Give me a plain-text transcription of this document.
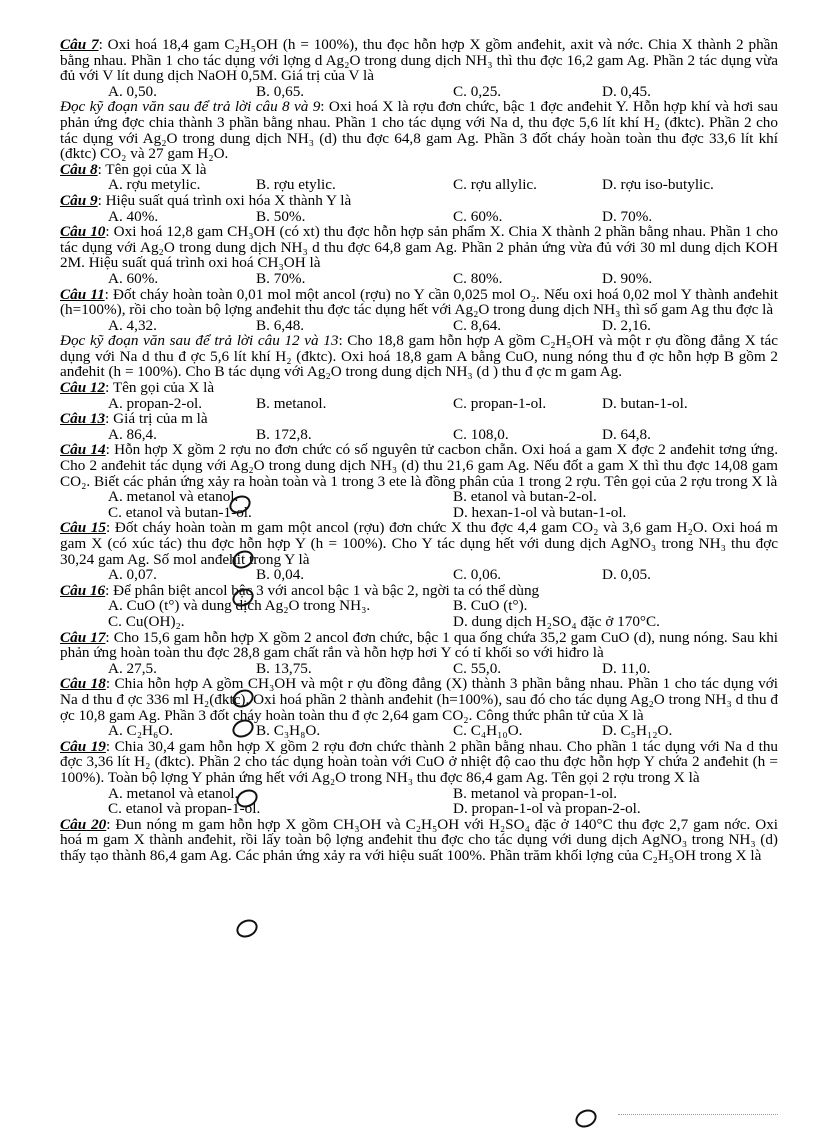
Câu 7: Oxi hoá 18,4 gam C₂H₅OH (h = 100%), thu đọc hỗn hợp X gồm anđehit, axit và nớc. Chia X thành 2 phần bằng nhau. Phần 1 cho tác dụng với lợng d Ag₂O trong dung dịch NH₃ thì thu đợc 16,2 gam Ag. Phần 2 tác dụng vừa đủ với V lít dung dịch NaOH 0,5M. Giá trị của V là
A. 0,50.	B. 0,65.	C. 0,25.	D. 0,45.
Đọc kỹ đoạn văn sau để trả lời câu 8 và 9: Oxi hoá X là rợu đơn chức, bậc 1 đợc anđehit Y. Hỗn hợp khí và hơi sau phản ứng đợc chia thành 3 phần bằng nhau. Phần 1 cho tác dụng với Na d, thu đợc 5,6 lít khí H₂ (đktc). Phần 2 cho tác dụng với Ag₂O trong dung dịch NH₃ (d) thu đợc 64,8 gam Ag. Phần 3 đốt cháy hoàn toàn thu đợc 33,6 lít khí (đktc) CO₂ và 27 gam H₂O.
Câu 8: Tên gọi của X là
A. rợu metylic.	B. rợu etylic.	C. rợu allylic.	D. rợu iso-butylic.
Câu 9: Hiệu suất quá trình oxi hóa X thành Y là
A. 40%.	B. 50%.	C. 60%.	D. 70%.
Câu 10: Oxi hoá 12,8 gam CH₃OH (có xt) thu đợc hỗn hợp sản phẩm X. Chia X thành 2 phần bằng nhau. Phần 1 cho tác dụng với Ag₂O trong dung dịch NH₃ d thu đợc 64,8 gam Ag. Phần 2 phản ứng vừa đủ với 30 ml dung dịch KOH 2M. Hiệu suất quá trình oxi hoá CH₃OH là
A. 60%.	B. 70%.	C. 80%.	D. 90%.
Câu 11: Đốt cháy hoàn toàn 0,01 mol một ancol (rợu) no Y cần 0,025 mol O₂. Nếu oxi hoá 0,02 mol Y thành anđehit (h=100%), rồi cho toàn bộ lợng anđehit thu đợc tác dụng hết với Ag₂O trong dung dịch NH₃ thì số gam Ag thu đợc là
A. 4,32.	B. 6,48.	C. 8,64.	D. 2,16.
Đọc kỹ đoạn văn sau để trả lời câu 12 và 13: Cho 18,8 gam hỗn hợp A gồm C₂H₅OH và một r ợu đồng đẳng X tác dụng với Na d thu đ ợc 5,6 lít khí H₂ (đktc). Oxi hoá 18,8 gam A bằng CuO, nung nóng thu đ ợc hỗn hợp B gồm 2 anđehit (h = 100%). Cho B tác dụng với Ag₂O trong dung dịch NH₃ (d ) thu đ ợc m gam Ag.
Câu 12: Tên gọi của X là
A. propan-2-ol.	B. metanol.	C. propan-1-ol.	D. butan-1-ol.
Câu 13: Giá trị của m là
A. 86,4.	B. 172,8.	C. 108,0.	D. 64,8.
Câu 14: Hỗn hợp X gồm 2 rợu no đơn chức có số nguyên tử cacbon chẵn. Oxi hoá a gam X đợc 2 anđehit tơng ứng. Cho 2 anđehit tác dụng với Ag₂O trong dung dịch NH₃ (d) thu 21,6 gam Ag. Nếu đốt a gam X thì thu đợc 14,08 gam CO₂. Biết các phản ứng xảy ra hoàn toàn và 1 trong 3 ete là đồng phân của 1 trong 2 rợu. Tên gọi của 2 rợu trong X là
A. metanol và etanol.	B. etanol và butan-2-ol.
C. etanol và butan-1-ol.	D. hexan-1-ol và butan-1-ol.
Câu 15: Đốt cháy hoàn toàn m gam một ancol (rợu) đơn chức X thu đợc 4,4 gam CO₂ và 3,6 gam H₂O. Oxi hoá m gam X (có xúc tác) thu đợc hỗn hợp Y (h = 100%). Cho Y tác dụng hết với dung dịch AgNO₃ trong NH₃ thu đợc 30,24 gam Ag. Số mol anđehit trong Y là
A. 0,07.	B. 0,04.	C. 0,06.	D. 0,05.
Câu 16: Để phân biệt ancol bậc 3 với ancol bậc 1 và bậc 2, ngời ta có thể dùng
A. CuO (t°) và dung dịch Ag₂O trong NH₃.	B. CuO (t°).
C. Cu(OH)₂.	D. dung dịch H₂SO₄ đặc ở 170°C.
Câu 17: Cho 15,6 gam hỗn hợp X gồm 2 ancol đơn chức, bậc 1 qua ống chứa 35,2 gam CuO (d), nung nóng. Sau khi phản ứng hoàn toàn thu đợc 28,8 gam chất rắn và hỗn hợp hơi Y có tỉ khối so với hiđro là
A. 27,5.	B. 13,75.	C. 55,0.	D. 11,0.
Câu 18: Chia hỗn hợp A gồm CH₃OH và một r ợu đồng đẳng (X) thành 3 phần bằng nhau. Phần 1 cho tác dụng với Na d thu đ ợc 336 ml H₂(đktc). Oxi hoá phần 2 thành anđehit (h=100%), sau đó cho tác dụng Ag₂O trong NH₃ d thu đ ợc 10,8 gam Ag. Phần 3 đốt cháy hoàn toàn thu đ ợc 2,64 gam CO₂. Công thức phân tử của X là
A. C₂H₆O.	B. C₃H₈O.	C. C₄H₁₀O.	D. C₅H₁₂O.
Câu 19: Chia 30,4 gam hỗn hợp X gồm 2 rợu đơn chức thành 2 phần bằng nhau. Cho phần 1 tác dụng với Na d thu đợc 3,36 lít H₂ (đktc). Phần 2 cho tác dụng hoàn toàn với CuO ở nhiệt độ cao thu đợc hỗn hợp Y chứa 2 anđehit (h = 100%). Toàn bộ lợng Y phản ứng hết với Ag₂O trong NH₃ thu đợc 86,4 gam Ag. Tên gọi 2 rợu trong X là
A. metanol và etanol.	B. metanol và propan-1-ol.
C. etanol và propan-1-ol.	D. propan-1-ol và propan-2-ol.
Câu 20: Đun nóng m gam hỗn hợp X gồm CH₃OH và C₂H₅OH với H₂SO₄ đặc ở 140°C thu đợc 2,7 gam nớc. Oxi hoá m gam X thành anđehit, rồi lấy toàn bộ lợng anđehit thu đợc cho tác dụng với dung dịch AgNO₃ trong NH₃ (d) thấy tạo thành 86,4 gam Ag. Các phản ứng xảy ra với hiệu suất 100%. Phần trăm khối lợng của C₂H₅OH trong X là
